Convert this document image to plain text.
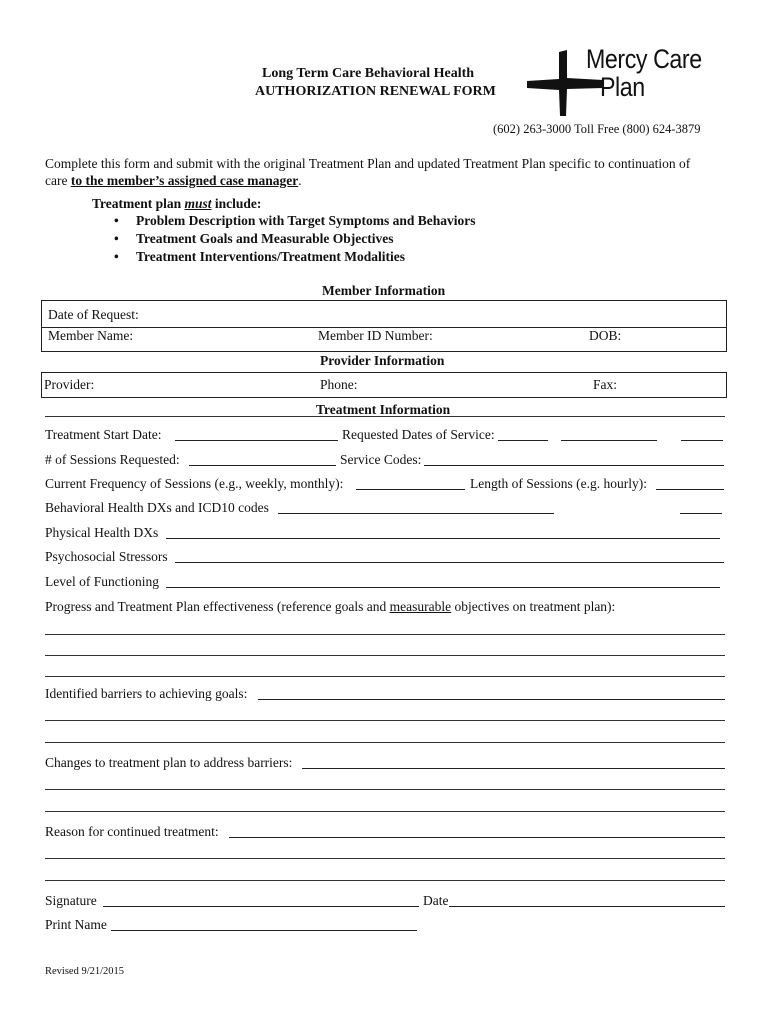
Long Term Care Behavioral Health
AUTHORIZATION RENEWAL FORM
Mercy Care
Plan
(602) 263-3000 Toll Free (800) 624-3879
Complete this form and submit with the original Treatment Plan and updated Treatment Plan specific to continuation of
care to the member’s assigned case manager.
Treatment plan must include:
• Problem Description with Target Symptoms and Behaviors
• Treatment Goals and Measurable Objectives
• Treatment Interventions/Treatment Modalities
Member Information
Date of Request:
Member Name:	Member ID Number:	DOB:
Provider Information
Provider:	Phone:	Fax:
Treatment Information
Treatment Start Date:	Requested Dates of Service:
# of Sessions Requested:	Service Codes:
Current Frequency of Sessions (e.g., weekly, monthly):	Length of Sessions (e.g. hourly):
Behavioral Health DXs and ICD10 codes
Physical Health DXs
Psychosocial Stressors
Level of Functioning
Progress and Treatment Plan effectiveness (reference goals and measurable objectives on treatment plan):
Identified barriers to achieving goals:
Changes to treatment plan to address barriers:
Reason for continued treatment:
Signature	Date
Print Name
Revised 9/21/2015
